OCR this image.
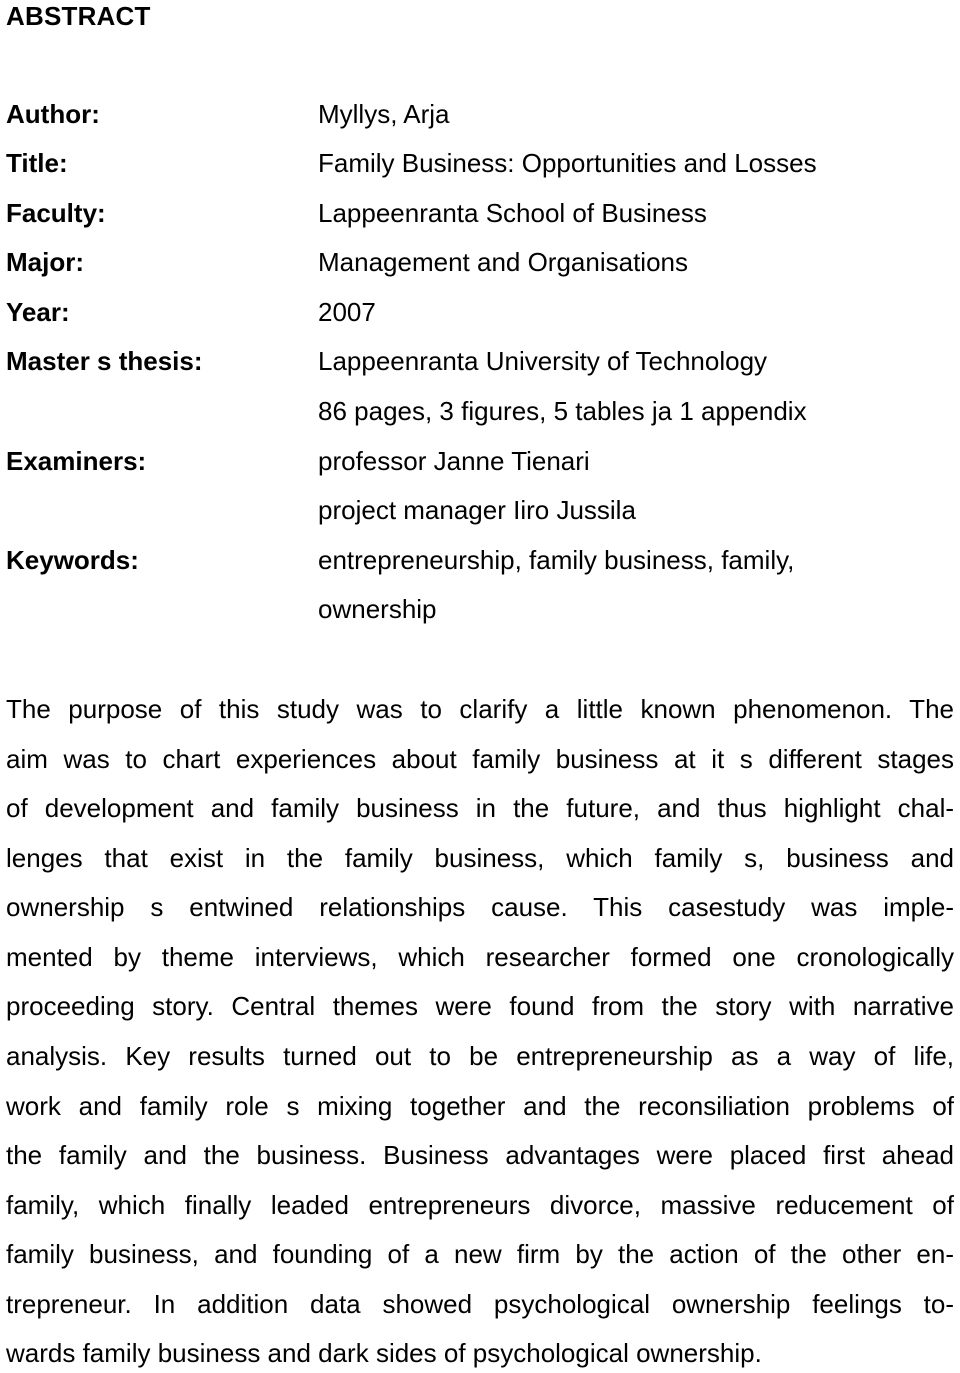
ABSTRACT
Author:	Myllys, Arja
Title:	Family Business: Opportunities and Losses
Faculty:	Lappeenranta School of Business
Major:	Management and Organisations
Year:	2007
Master s thesis:	Lappeenranta University of Technology
86 pages, 3 figures, 5 tables ja 1 appendix
Examiners:	professor Janne Tienari
project manager Iiro Jussila
Keywords:	entrepreneurship, family business, family,
ownership
The purpose of this study was to clarify a little known phenomenon. The
aim was to chart experiences about family business at it s different stages
of development and family business in the future, and thus highlight chal-
lenges that exist in the family business, which family s, business and
ownership s entwined relationships cause. This casestudy was imple-
mented by theme interviews, which researcher formed one cronologically
proceeding story. Central themes were found from the story with narrative
analysis. Key results turned out to be entrepreneurship as a way of life,
work and family role s mixing together and the reconsiliation problems of
the family and the business. Business advantages were placed first ahead
family, which finally leaded entrepreneurs divorce, massive reducement of
family business, and founding of a new firm by the action of the other en-
trepreneur. In addition data showed psychological ownership feelings to-
wards family business and dark sides of psychological ownership.
